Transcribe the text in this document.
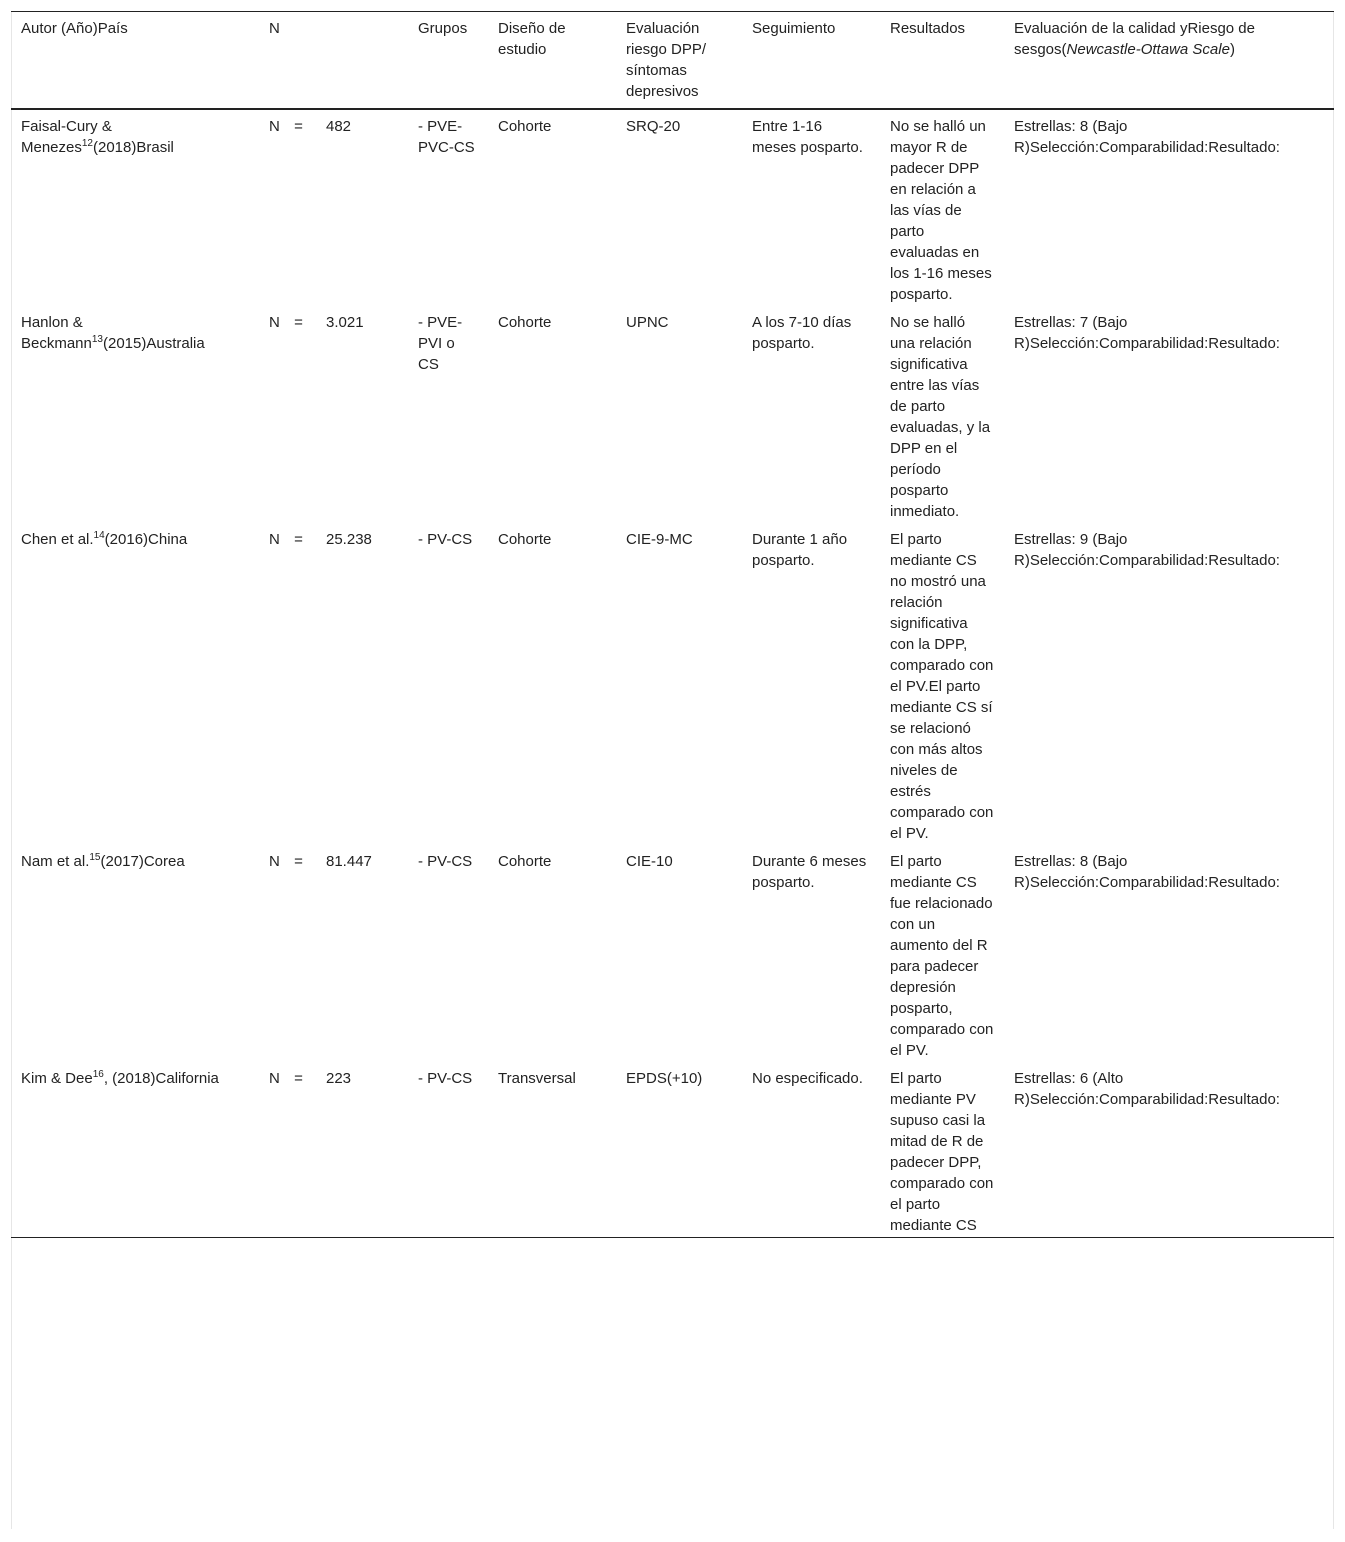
Autor (Año)País	N			Grupos	Diseño de estudio	Evaluación riesgo DPP/ síntomas depresivos	Seguimiento	Resultados	Evaluación de la calidad yRiesgo de sesgos(Newcastle-Ottawa Scale)
Faisal-Cury & Menezes$^{12}$(2018)Brasil	N	=	482	- PVE-PVC-CS	Cohorte	SRQ-20	Entre 1-16 meses posparto.	No se halló un mayor R de padecer DPP en relación a las vías de parto evaluadas en los 1-16 meses posparto.	Estrellas: 8 (Bajo R)Selección:Comparabilidad:Resultado:
Hanlon & Beckmann$^{13}$(2015)Australia	N	=	3.021	- PVE-PVI o CS	Cohorte	UPNC	A los 7-10 días posparto.	No se halló una relación significativa entre las vías de parto evaluadas, y la DPP en el período posparto inmediato.	Estrellas: 7 (Bajo R)Selección:Comparabilidad:Resultado:
Chen et al.$^{14}$(2016)China	N	=	25.238	- PV-CS	Cohorte	CIE-9-MC	Durante 1 año posparto.	El parto mediante CS no mostró una relación significativa con la DPP, comparado con el PV.El parto mediante CS sí se relacionó con más altos niveles de estrés comparado con el PV.	Estrellas: 9 (Bajo R)Selección:Comparabilidad:Resultado:
Nam et al.$^{15}$(2017)Corea	N	=	81.447	- PV-CS	Cohorte	CIE-10	Durante 6 meses posparto.	El parto mediante CS fue relacionado con un aumento del R para padecer depresión posparto, comparado con el PV.	Estrellas: 8 (Bajo R)Selección:Comparabilidad:Resultado:
Kim & Dee$^{16}$, (2018)California	N	=	223	- PV-CS	Transversal	EPDS(+10)	No especificado.	El parto mediante PV supuso casi la mitad de R de padecer DPP, comparado con el parto mediante CS	Estrellas: 6 (Alto R)Selección:Comparabilidad:Resultado:
